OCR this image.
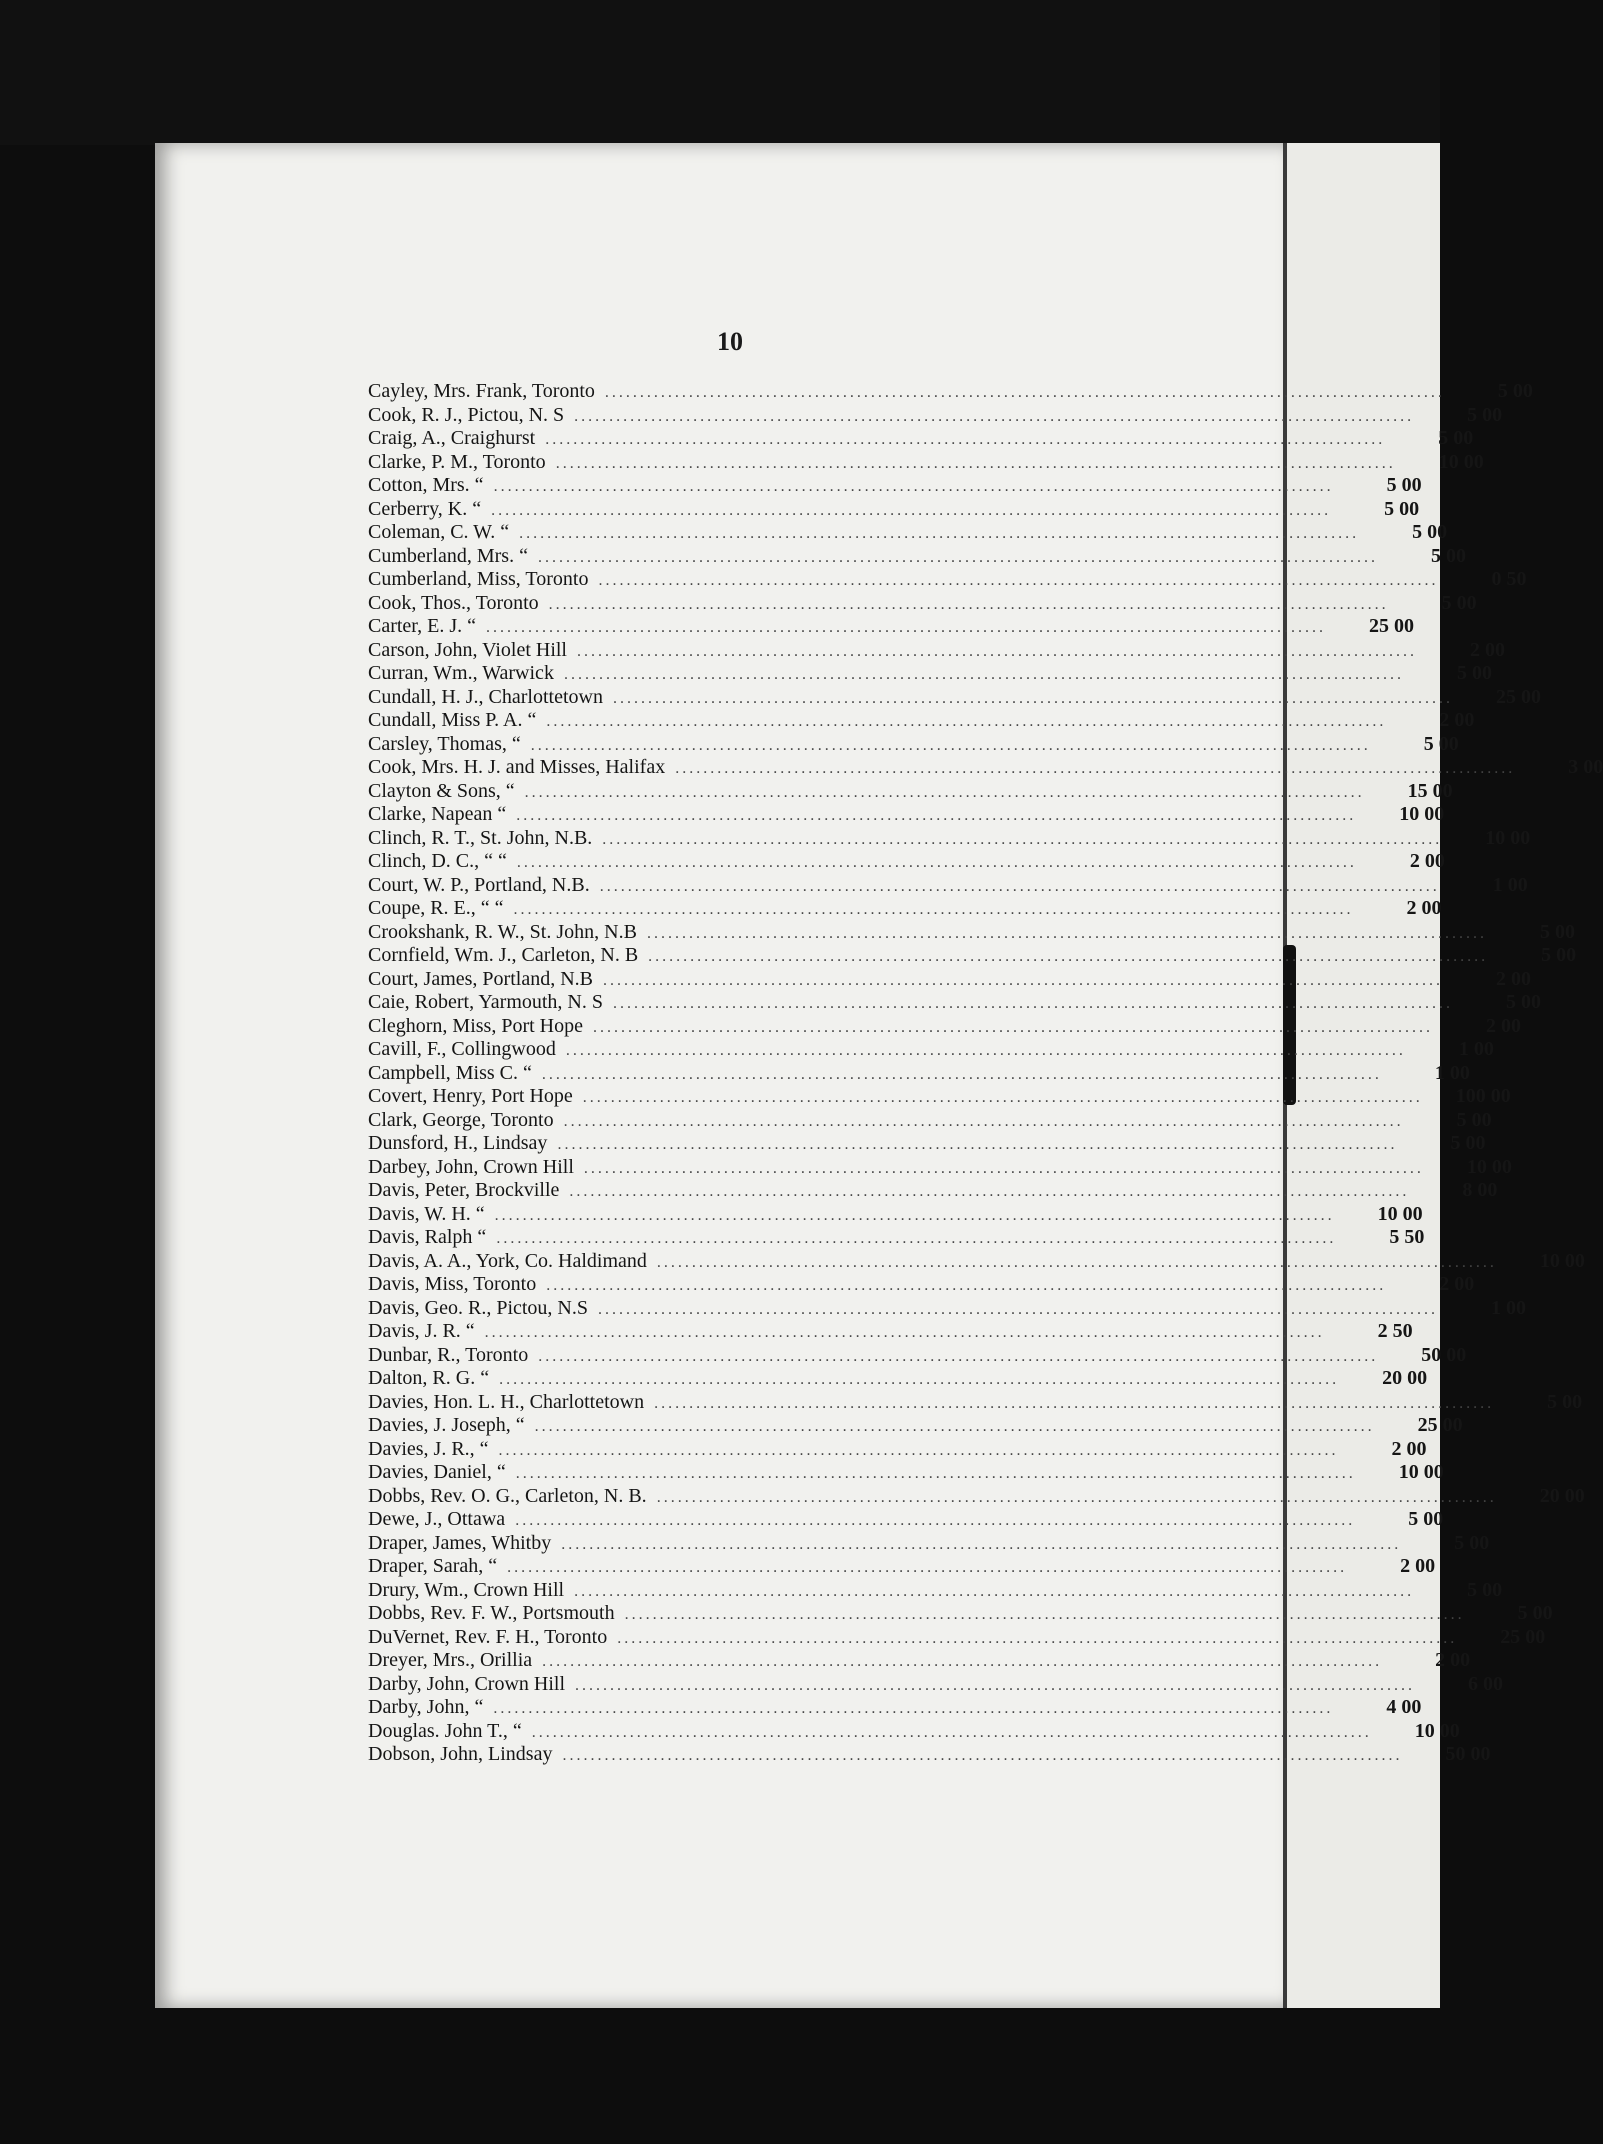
10
Cayley, Mrs. Frank, Toronto ........................................................................................................................	5 00
Cook, R. J., Pictou, N. S ........................................................................................................................	5 00
Craig, A., Craighurst ........................................................................................................................	5 00
Clarke, P. M., Toronto ........................................................................................................................	10 00
Cotton, Mrs. “ ........................................................................................................................	5 00
Cerberry, K. “ ........................................................................................................................	5 00
Coleman, C. W. “ ........................................................................................................................	5 00
Cumberland, Mrs. “ ........................................................................................................................	5 00
Cumberland, Miss, Toronto ........................................................................................................................	0 50
Cook, Thos., Toronto ........................................................................................................................	5 00
Carter, E. J. “ ........................................................................................................................	25 00
Carson, John, Violet Hill ........................................................................................................................	2 00
Curran, Wm., Warwick ........................................................................................................................	5 00
Cundall, H. J., Charlottetown ........................................................................................................................	25 00
Cundall, Miss P. A. “ ........................................................................................................................	2 00
Carsley, Thomas, “ ........................................................................................................................	5 00
Cook, Mrs. H. J. and Misses, Halifax ........................................................................................................................	3 00
Clayton & Sons, “ ........................................................................................................................	15 00
Clarke, Napean “ ........................................................................................................................	10 00
Clinch, R. T., St. John, N.B. ........................................................................................................................	10 00
Clinch, D. C., “ “ ........................................................................................................................	2 00
Court, W. P., Portland, N.B. ........................................................................................................................	1 00
Coupe, R. E., “ “ ........................................................................................................................	2 00
Crookshank, R. W., St. John, N.B ........................................................................................................................	5 00
Cornfield, Wm. J., Carleton, N. B ........................................................................................................................	5 00
Court, James, Portland, N.B ........................................................................................................................	2 00
Caie, Robert, Yarmouth, N. S ........................................................................................................................	5 00
Cleghorn, Miss, Port Hope ........................................................................................................................	2 00
Cavill, F., Collingwood ........................................................................................................................	1 00
Campbell, Miss C. “ ........................................................................................................................	1 00
Covert, Henry, Port Hope ........................................................................................................................	100 00
Clark, George, Toronto ........................................................................................................................	5 00
Dunsford, H., Lindsay ........................................................................................................................	5 00
Darbey, John, Crown Hill ........................................................................................................................	10 00
Davis, Peter, Brockville ........................................................................................................................	8 00
Davis, W. H. “ ........................................................................................................................	10 00
Davis, Ralph “ ........................................................................................................................	5 50
Davis, A. A., York, Co. Haldimand ........................................................................................................................	10 00
Davis, Miss, Toronto ........................................................................................................................	2 00
Davis, Geo. R., Pictou, N.S ........................................................................................................................	1 00
Davis, J. R. “ ........................................................................................................................	2 50
Dunbar, R., Toronto ........................................................................................................................	50 00
Dalton, R. G. “ ........................................................................................................................	20 00
Davies, Hon. L. H., Charlottetown ........................................................................................................................	5 00
Davies, J. Joseph, “ ........................................................................................................................	25 00
Davies, J. R., “ ........................................................................................................................	2 00
Davies, Daniel, “ ........................................................................................................................	10 00
Dobbs, Rev. O. G., Carleton, N. B. ........................................................................................................................	20 00
Dewe, J., Ottawa ........................................................................................................................	5 00
Draper, James, Whitby ........................................................................................................................	5 00
Draper, Sarah, “ ........................................................................................................................	2 00
Drury, Wm., Crown Hill ........................................................................................................................	5 00
Dobbs, Rev. F. W., Portsmouth ........................................................................................................................	5 00
DuVernet, Rev. F. H., Toronto ........................................................................................................................	25 00
Dreyer, Mrs., Orillia ........................................................................................................................	2 00
Darby, John, Crown Hill ........................................................................................................................	6 00
Darby, John, “ ........................................................................................................................	4 00
Douglas. John T., “ ........................................................................................................................	10 00
Dobson, John, Lindsay ........................................................................................................................	50 00
